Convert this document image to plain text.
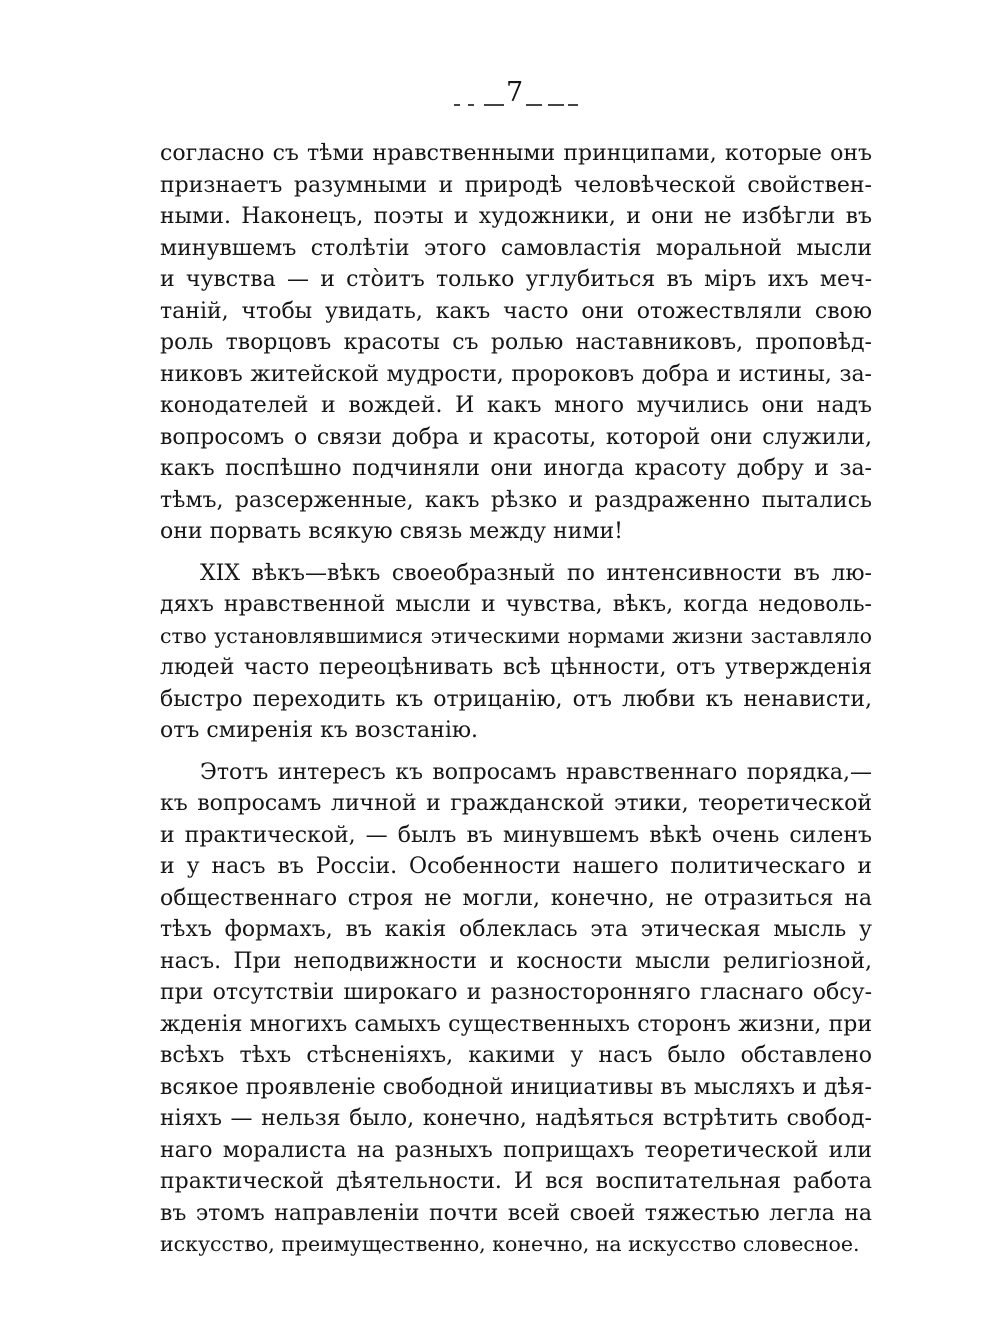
7
согласно съ тѣми нравственными принципами, которые онъ
признаетъ разумными и природѣ человѣческой свойствен-
ными. Наконецъ, поэты и художники, и они не избѣгли въ
минувшемъ столѣтіи этого самовластія моральной мысли
и чувства — и стòитъ только углубиться въ міръ ихъ меч-
таній, чтобы увидать, какъ часто они отожествляли свою
роль творцовъ красоты съ ролью наставниковъ, проповѣд-
никовъ житейской мудрости, пророковъ добра и истины, за-
конодателей и вождей. И какъ много мучились они надъ
вопросомъ о связи добра и красоты, которой они служили,
какъ поспѣшно подчиняли они иногда красоту добру и за-
тѣмъ, разсерженные, какъ рѣзко и раздраженно пытались
они порвать всякую связь между ними!
XIX вѣкъ—вѣкъ своеобразный по интенсивности въ лю-
дяхъ нравственной мысли и чувства, вѣкъ, когда недоволь-
ство установлявшимися этическими нормами жизни заставляло
людей часто переоцѣнивать всѣ цѣнности, отъ утвержденія
быстро переходить къ отрицанію, отъ любви къ ненависти,
отъ смиренія къ возстанію.
Этотъ интересъ къ вопросамъ нравственнаго порядка,—
къ вопросамъ личной и гражданской этики, теоретической
и практической, — былъ въ минувшемъ вѣкѣ очень силенъ
и у насъ въ Россіи. Особенности нашего политическаго и
общественнаго строя не могли, конечно, не отразиться на
тѣхъ формахъ, въ какія облеклась эта этическая мысль у
насъ. При неподвижности и косности мысли религіозной,
при отсутствіи широкаго и разносторонняго гласнаго обсу-
жденія многихъ самыхъ существенныхъ сторонъ жизни, при
всѣхъ тѣхъ стѣсненіяхъ, какими у насъ было обставлено
всякое проявленіе свободной инициативы въ мысляхъ и дѣя-
ніяхъ — нельзя было, конечно, надѣяться встрѣтить свобод-
наго моралиста на разныхъ поприщахъ теоретической или
практической дѣятельности. И вся воспитательная работа
въ этомъ направленіи почти всей своей тяжестью легла на
искусство, преимущественно, конечно, на искусство словесное.
